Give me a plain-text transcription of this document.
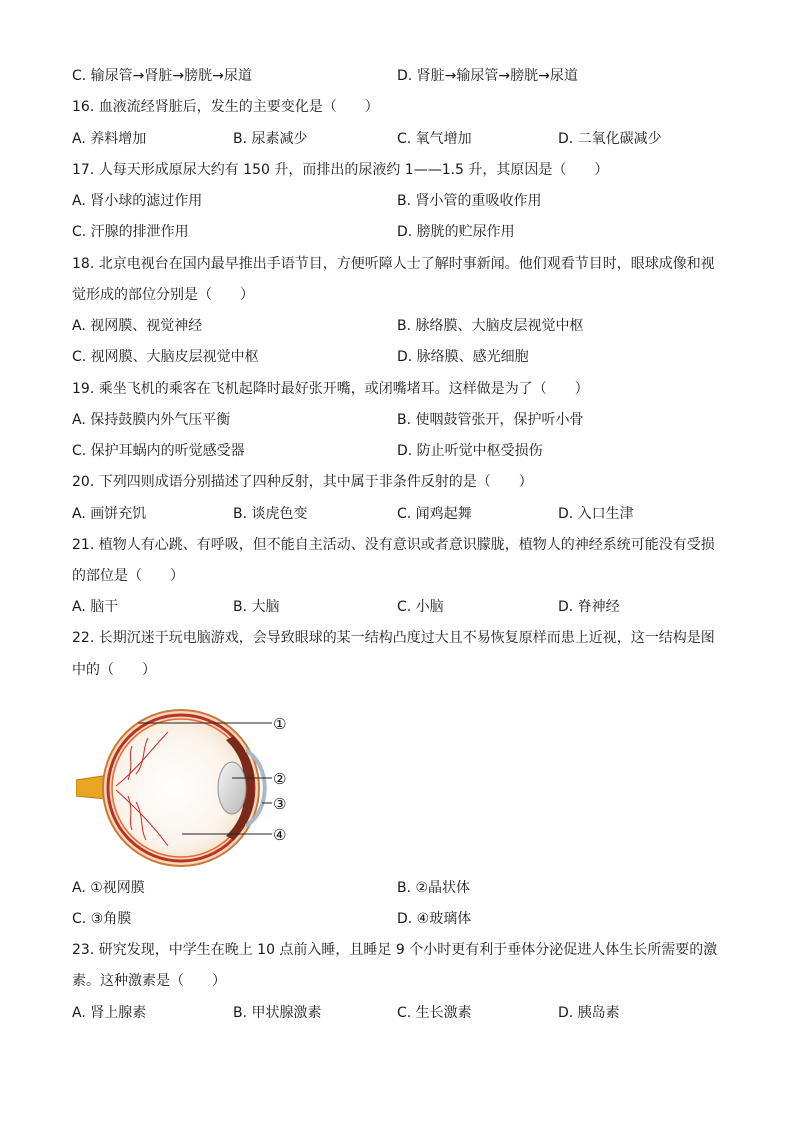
C. 输尿管→肾脏→膀胱→尿道	D. 肾脏→输尿管→膀胱→尿道
16. 血液流经肾脏后，发生的主要变化是（　　）
A. 养料增加	B. 尿素减少	C. 氧气增加	D. 二氧化碳减少
17. 人每天形成原尿大约有 150 升，而排出的尿液约 1——1.5 升，其原因是（　　）
A. 肾小球的滤过作用	B. 肾小管的重吸收作用
C. 汗腺的排泄作用	D. 膀胱的贮尿作用
18. 北京电视台在国内最早推出手语节目，方便听障人士了解时事新闻。他们观看节目时，眼球成像和视
觉形成的部位分别是（　　）
A. 视网膜、视觉神经	B. 脉络膜、大脑皮层视觉中枢
C. 视网膜、大脑皮层视觉中枢	D. 脉络膜、感光细胞
19. 乘坐飞机的乘客在飞机起降时最好张开嘴，或闭嘴堵耳。这样做是为了（　　）
A. 保持鼓膜内外气压平衡	B. 使咽鼓管张开，保护听小骨
C. 保护耳蜗内的听觉感受器	D. 防止听觉中枢受损伤
20. 下列四则成语分别描述了四种反射，其中属于非条件反射的是（　　）
A. 画饼充饥	B. 谈虎色变	C. 闻鸡起舞	D. 入口生津
21. 植物人有心跳、有呼吸，但不能自主活动、没有意识或者意识朦胧，植物人的神经系统可能没有受损
的部位是（　　）
A. 脑干	B. 大脑	C. 小脑	D. 脊神经
22. 长期沉迷于玩电脑游戏，会导致眼球的某一结构凸度过大且不易恢复原样而患上近视，这一结构是图
中的（　　）
①
②
③
④
A. ①视网膜	B. ②晶状体
C. ③角膜	D. ④玻璃体
23. 研究发现，中学生在晚上 10 点前入睡，且睡足 9 个小时更有利于垂体分泌促进人体生长所需要的激
素。这种激素是（　　）
A. 肾上腺素	B. 甲状腺激素	C. 生长激素	D. 胰岛素
